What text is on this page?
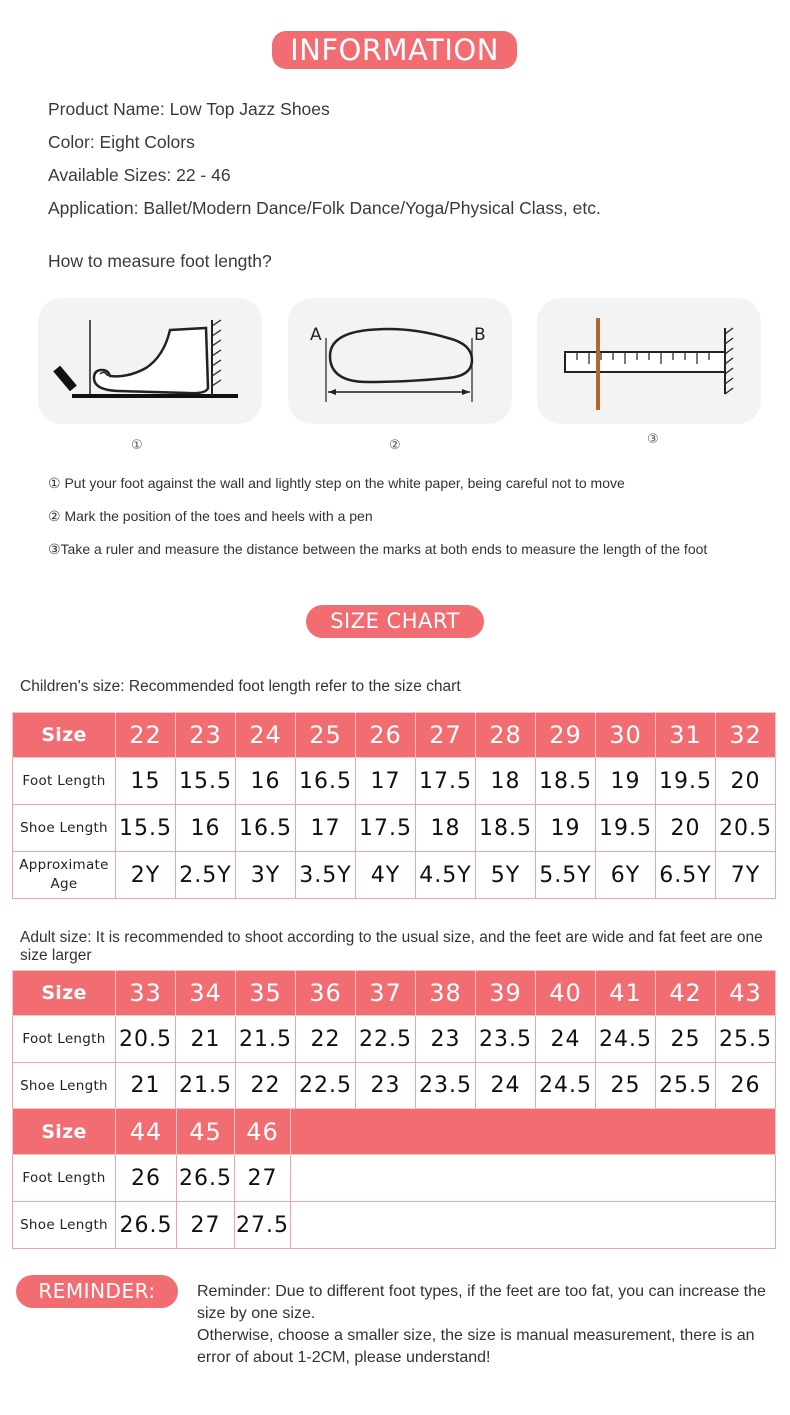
INFORMATION
Product Name: Low Top Jazz Shoes
Color: Eight Colors
Available Sizes: 22 - 46
Application: Ballet/Modern Dance/Folk Dance/Yoga/Physical Class, etc.
How to measure foot length?
A	B
①	②	③
① Put your foot against the wall and lightly step on the white paper, being careful not to move
② Mark the position of the toes and heels with a pen
③Take a ruler and measure the distance between the marks at both ends to measure the length of the foot
SIZE CHART
Children's size: Recommended foot length refer to the size chart
Size	22	23	24	25	26	27	28	29	30	31	32
Foot Length	15	15.5	16	16.5	17	17.5	18	18.5	19	19.5	20
Shoe Length	15.5	16	16.5	17	17.5	18	18.5	19	19.5	20	20.5
Approximate
Age	2Y	2.5Y	3Y	3.5Y	4Y	4.5Y	5Y	5.5Y	6Y	6.5Y	7Y
Adult size: It is recommended to shoot according to the usual size, and the feet are wide and fat feet are one size larger
Size	33	34	35	36	37	38	39	40	41	42	43
Foot Length	20.5	21	21.5	22	22.5	23	23.5	24	24.5	25	25.5
Shoe Length	21	21.5	22	22.5	23	23.5	24	24.5	25	25.5	26
Size	44	45	46	
Foot Length	26	26.5	27	
Shoe Length	26.5	27	27.5	
REMINDER:	Reminder: Due to different foot types, if the feet are too fat, you can increase the size by one size.
Otherwise, choose a smaller size, the size is manual measurement, there is an error of about 1-2CM, please understand!
